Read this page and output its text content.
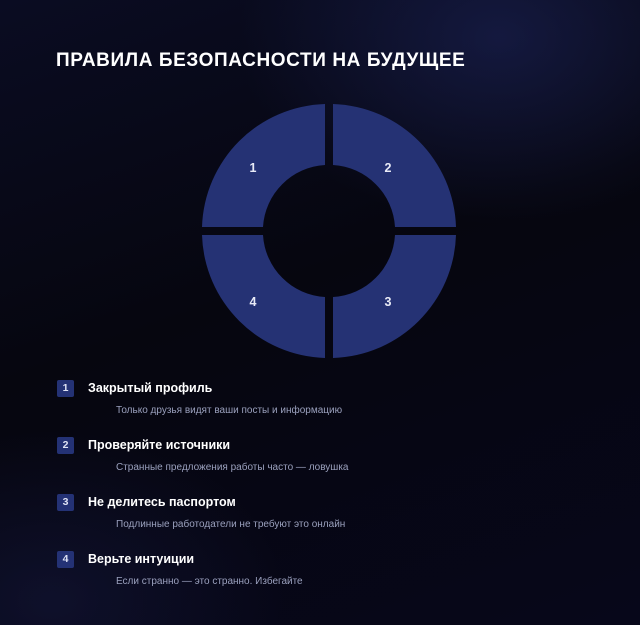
ПРАВИЛА БЕЗОПАСНОСТИ НА БУДУЩЕЕ
1	2
3
4
1	Закрытый профиль
Только друзья видят ваши посты и информацию
2	Проверяйте источники
Странные предложения работы часто — ловушка
3	Не делитесь паспортом
Подлинные работодатели не требуют это онлайн
4	Верьте интуиции
Если странно — это странно. Избегайте
